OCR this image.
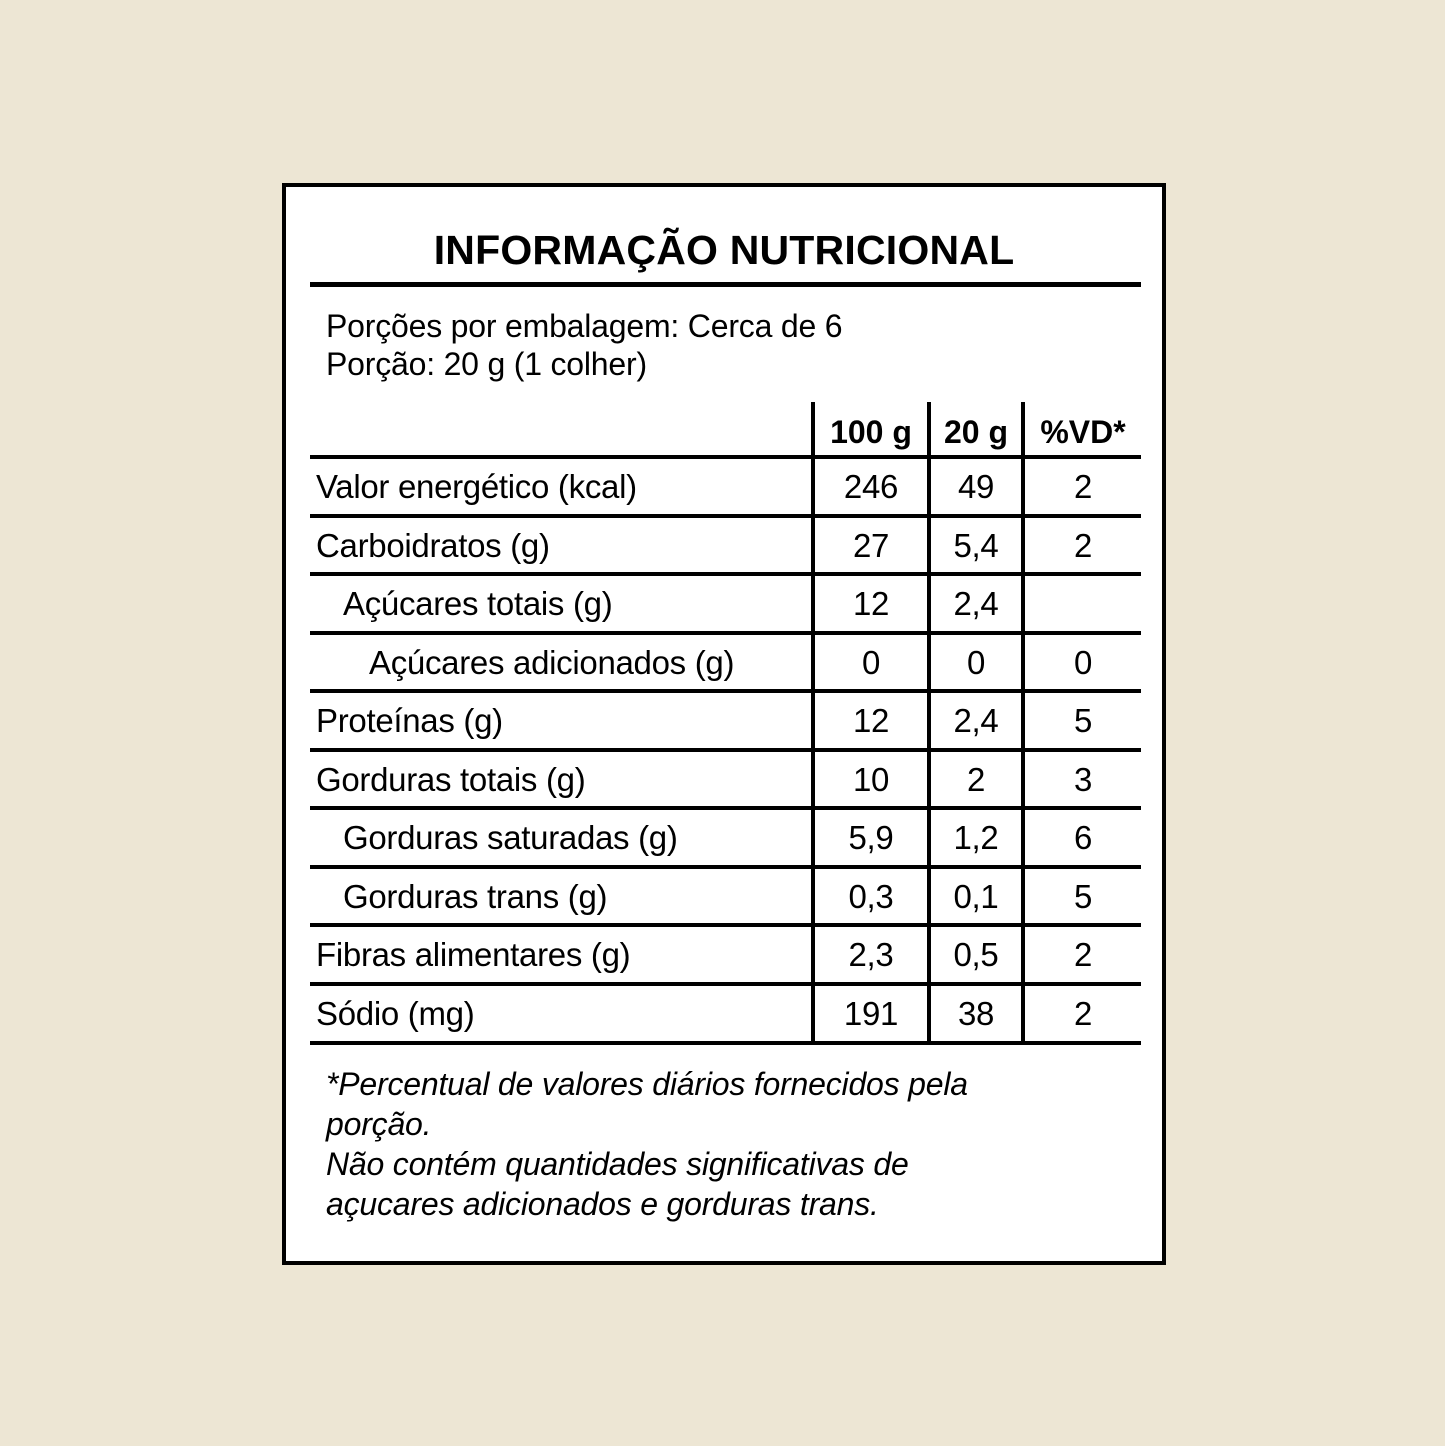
INFORMAÇÃO NUTRICIONAL
Porções por embalagem: Cerca de 6
Porção: 20 g (1 colher)
100 g	20 g	%VD*
Valor energético (kcal)	246	49	2
Carboidratos (g)	27	5,4	2
Açúcares totais (g)	12	2,4
Açúcares adicionados (g)	0	0	0
Proteínas (g)	12	2,4	5
Gorduras totais (g)	10	2	3
Gorduras saturadas (g)	5,9	1,2	6
Gorduras trans (g)	0,3	0,1	5
Fibras alimentares (g)	2,3	0,5	2
Sódio (mg)	191	38	2
*Percentual de valores diários fornecidos pela
porção.
Não contém quantidades significativas de
açucares adicionados e gorduras trans.
